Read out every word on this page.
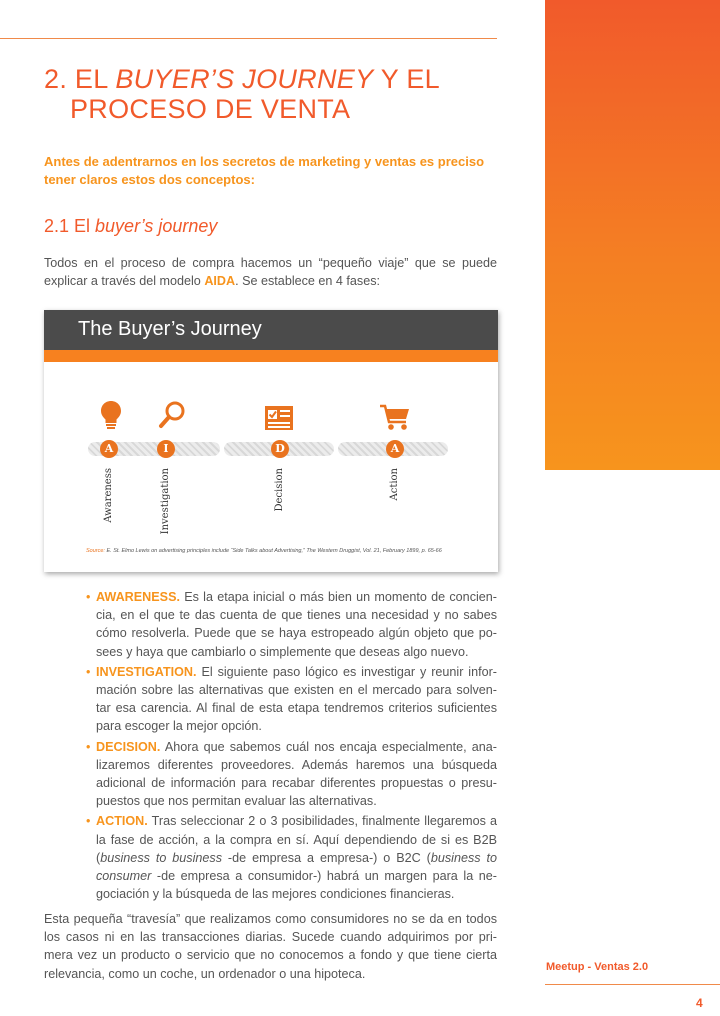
2. EL BUYER’S JOURNEY Y EL
PROCESO DE VENTA

Antes de adentrarnos en los secretos de marketing y ventas es preciso tener claros estos dos conceptos:

2.1 El buyer’s journey

Todos en el proceso de compra hacemos un “pequeño viaje” que se puede explicar a través del modelo AIDA. Se establece en 4 fases:

The Buyer’s Journey
A	I	D	A
Awareness	Investigation	Decision	Action
Source: E. St. Elmo Lewis on advertising principles include “Side Talks about Advertising,” The Western Druggist, Vol. 21, February 1899, p. 65-66
• AWARENESS. Es la etapa inicial o más bien un momento de concien-cia, en el que te das cuenta de que tienes una necesidad y no sabes cómo resolverla. Puede que se haya estropeado algún objeto que po-sees y haya que cambiarlo o simplemente que deseas algo nuevo.
• INVESTIGATION. El siguiente paso lógico es investigar y reunir infor-mación sobre las alternativas que existen en el mercado para solven-tar esa carencia. Al final de esta etapa tendremos criterios suficientes para escoger la mejor opción.
• DECISION. Ahora que sabemos cuál nos encaja especialmente, ana-lizaremos diferentes proveedores. Además haremos una búsqueda adicional de información para recabar diferentes propuestas o presu-puestos que nos permitan evaluar las alternativas.
• ACTION. Tras seleccionar 2 o 3 posibilidades, finalmente llegaremos a la fase de acción, a la compra en sí. Aquí dependiendo de si es B2B (business to business -de empresa a empresa-) o B2C (business to consumer -de empresa a consumidor-) habrá un margen para la ne-gociación y la búsqueda de las mejores condiciones financieras.

Esta pequeña “travesía” que realizamos como consumidores no se da en todos los casos ni en las transacciones diarias. Sucede cuando adquirimos por pri-mera vez un producto o servicio que no conocemos a fondo y que tiene cierta relevancia, como un coche, un ordenador o una hipoteca.	Meetup - Ventas 2.0
4
